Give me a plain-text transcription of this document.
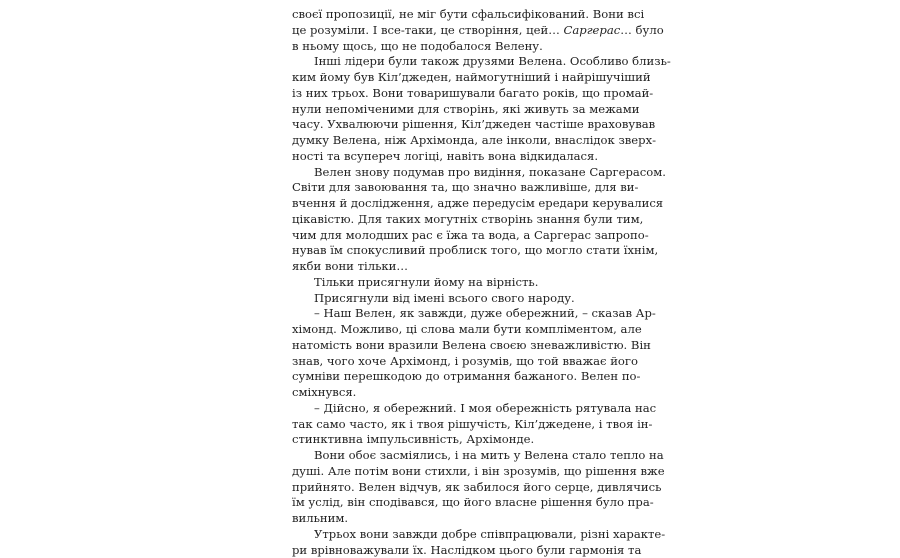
своєї пропозиції, не міг бути сфальсифікований. Вони всі
це розуміли. І все-таки, це створіння, цей… Саргерас… було
в ньому щось, що не подобалося Велену.
Інші лідери були також друзями Велена. Особливо близь-
ким йому був Кіл’джеден, наймогутніший і найрішучіший
із них трьох. Вони товаришували багато років, що промай-
нули непоміченими для створінь, які живуть за межами
часу. Ухвалюючи рішення, Кіл’джеден частіше враховував
думку Велена, ніж Архімонда, але інколи, внаслідок зверх-
ності та всупереч логіці, навіть вона відкидалася.
Велен знову подумав про видіння, показане Саргерасом.
Світи для завоювання та, що значно важливіше, для ви-
вчення й дослідження, адже передусім ередари керувалися
цікавістю. Для таких могутніх створінь знання були тим,
чим для молодших рас є їжа та вода, а Саргерас запропо-
нував їм спокусливий проблиск того, що могло стати їхнім,
якби вони тільки…
Тільки присягнули йому на вірність.
Присягнули від імені всього свого народу.
– Наш Велен, як завжди, дуже обережний, – сказав Ар-
хімонд. Можливо, ці слова мали бути компліментом, але
натомість вони вразили Велена своєю зневажливістю. Він
знав, чого хоче Архімонд, і розумів, що той вважає його
сумніви перешкодою до отримання бажаного. Велен по-
сміхнувся.
– Дійсно, я обережний. І моя обережність рятувала нас
так само часто, як і твоя рішучість, Кіл’джедене, і твоя ін-
стинктивна імпульсивність, Архімонде.
Вони обоє засміялись, і на мить у Велена стало тепло на
душі. Але потім вони стихли, і він зрозумів, що рішення вже
прийнято. Велен відчув, як забилося його серце, дивлячись
їм услід, він сподівався, що його власне рішення було пра-
вильним.
Утрьох вони завжди добре співпрацювали, різні характе-
ри врівноважували їх. Наслідком цього були гармонія та
